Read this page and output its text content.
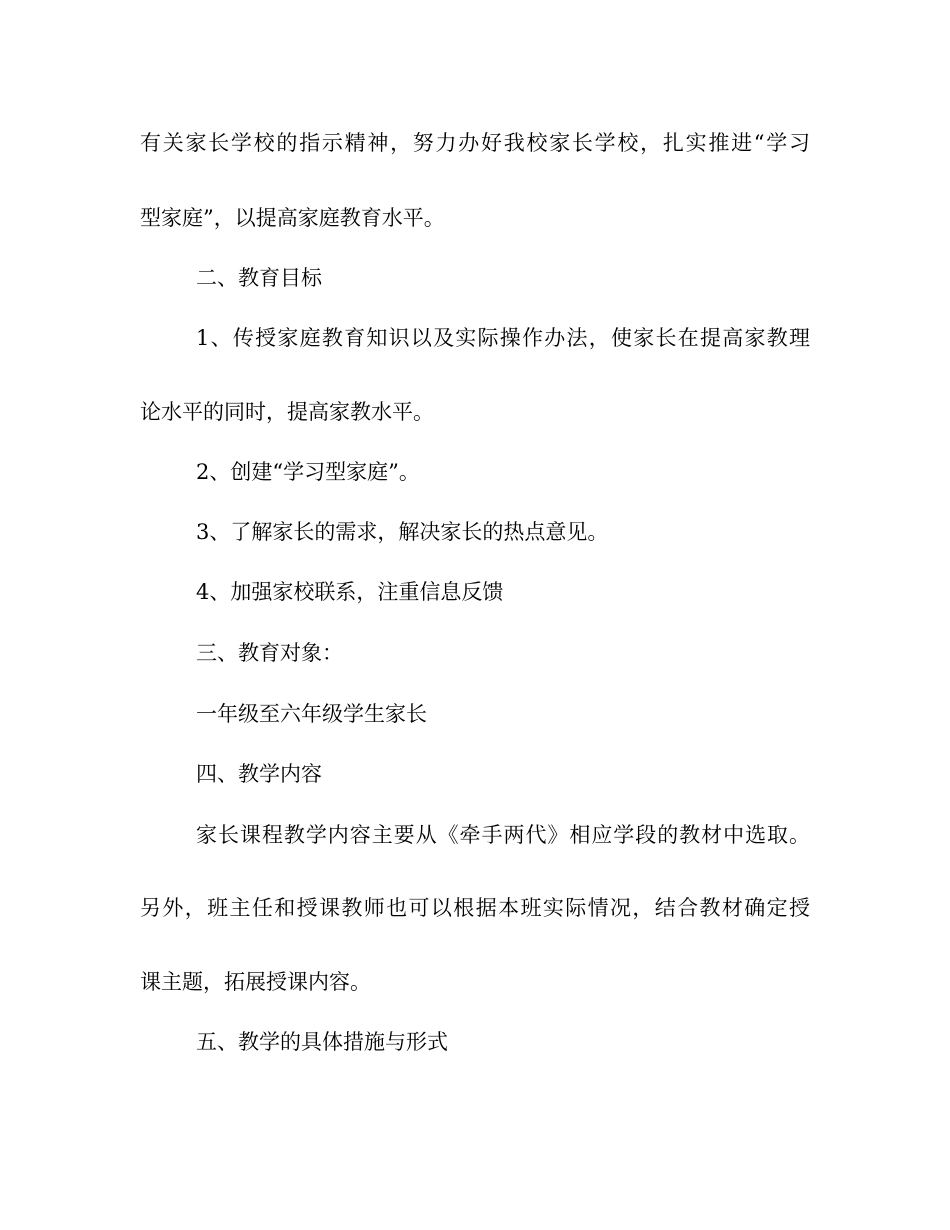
有关家长学校的指示精神，努力办好我校家长学校，扎实推进“学习
型家庭”，以提高家庭教育水平。
二、教育目标
1、传授家庭教育知识以及实际操作办法，使家长在提高家教理
论水平的同时，提高家教水平。
2、创建“学习型家庭”。
3、了解家长的需求，解决家长的热点意见。
4、加强家校联系，注重信息反馈
三、教育对象：
一年级至六年级学生家长
四、教学内容
家长课程教学内容主要从《牵手两代》相应学段的教材中选取。
另外，班主任和授课教师也可以根据本班实际情况，结合教材确定授
课主题，拓展授课内容。
五、教学的具体措施与形式
